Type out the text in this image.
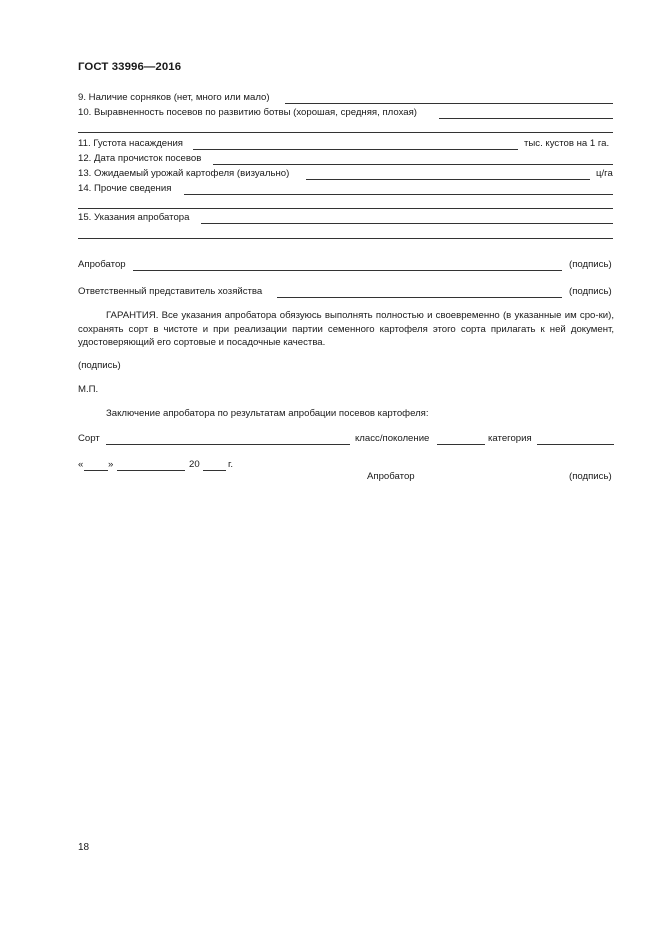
ГОСТ 33996—2016
9. Наличие сорняков (нет, много или мало)
10. Выравненность посевов по развитию ботвы (хорошая, средняя, плохая)
11. Густота насаждения	тыс. кустов на 1 га.
12. Дата прочисток посевов
13. Ожидаемый урожай картофеля (визуально)	ц/га
14. Прочие сведения
15. Указания апробатора
Апробатор	(подпись)
Ответственный представитель хозяйства	(подпись)
ГАРАНТИЯ. Все указания апробатора обязуюсь выполнять полностью и своевременно (в указанные им сро-ки), сохранять сорт в чистоте и при реализации партии семенного картофеля этого сорта прилагать к ней документ, удостоверяющий его сортовые и посадочные качества.
(подпись)
М.П.
Заключение апробатора по результатам апробации посевов картофеля:
Сорт	класс/поколение	категория
«	»	20	г.
Апробатор	(подпись)
18
